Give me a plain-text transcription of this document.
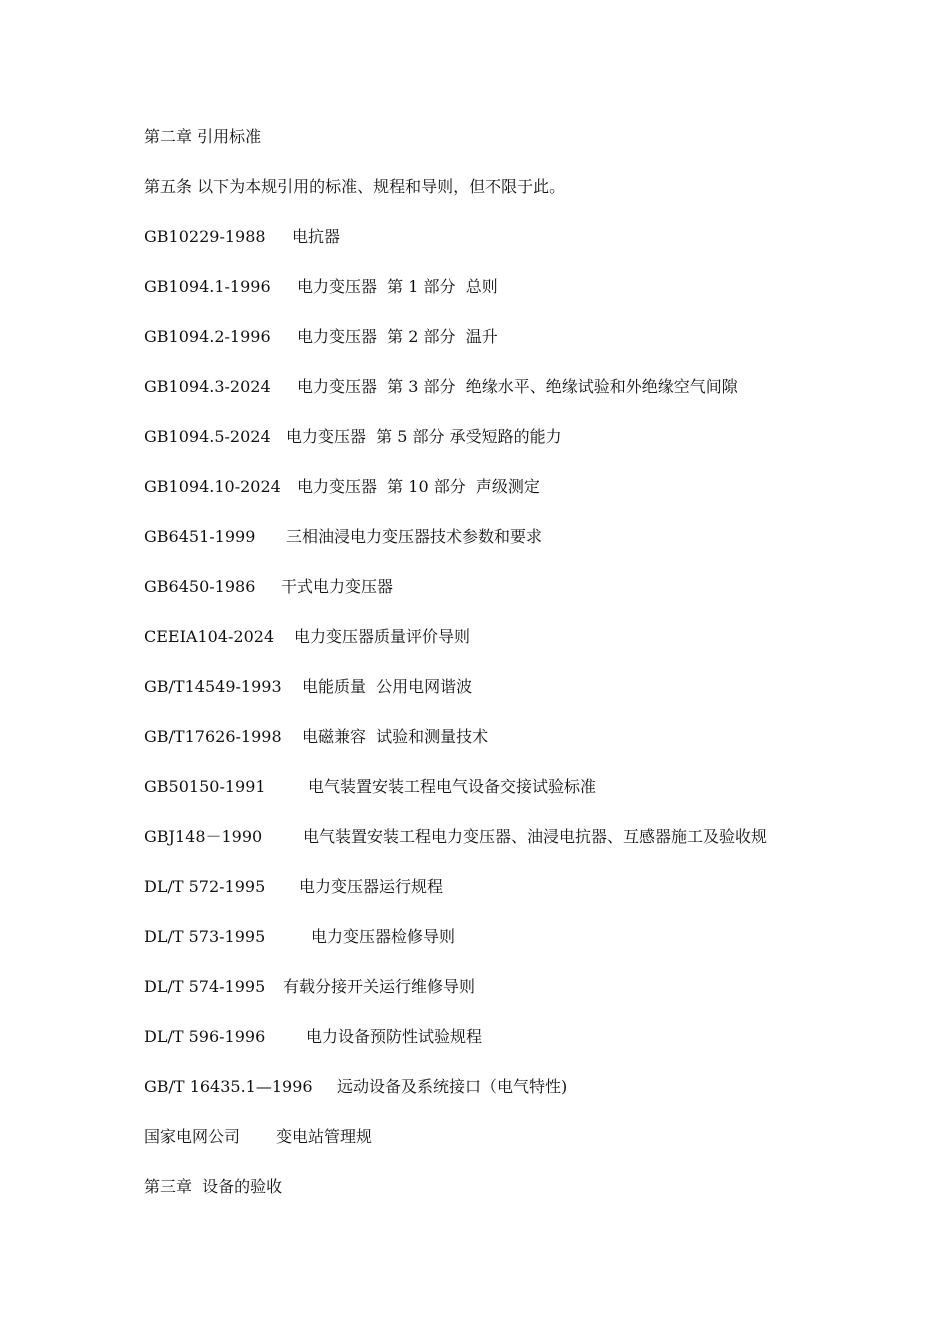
第二章 引用标准
第五条 以下为本规引用的标准、规程和导则，但不限于此。
GB10229-1988 电抗器
GB1094.1-1996 电力变压器  第 1 部分  总则
GB1094.2-1996 电力变压器  第 2 部分  温升
GB1094.3-2024 电力变压器  第 3 部分  绝缘水平、绝缘试验和外绝缘空气间隙
GB1094.5-2024 电力变压器  第 5 部分 承受短路的能力
GB1094.10-2024 电力变压器  第 10 部分  声级测定
GB6451-1999 三相油浸电力变压器技术参数和要求
GB6450-1986 干式电力变压器
CEEIA104-2024 电力变压器质量评价导则
GB/T14549-1993 电能质量  公用电网谐波
GB/T17626-1998 电磁兼容  试验和测量技术
GB50150-1991	电气装置安装工程电气设备交接试验标准
GBJ148－1990	电气装置安装工程电力变压器、油浸电抗器、互感器施工及验收规
DL/T 572-1995 电力变压器运行规程
DL/T 573-1995	电力变压器检修导则
DL/T 574-1995 有载分接开关运行维修导则
DL/T 596-1996	电力设备预防性试验规程
GB/T 16435.1—1996 远动设备及系统接口（电气特性)
国家电网公司 变电站管理规
第三章  设备的验收
